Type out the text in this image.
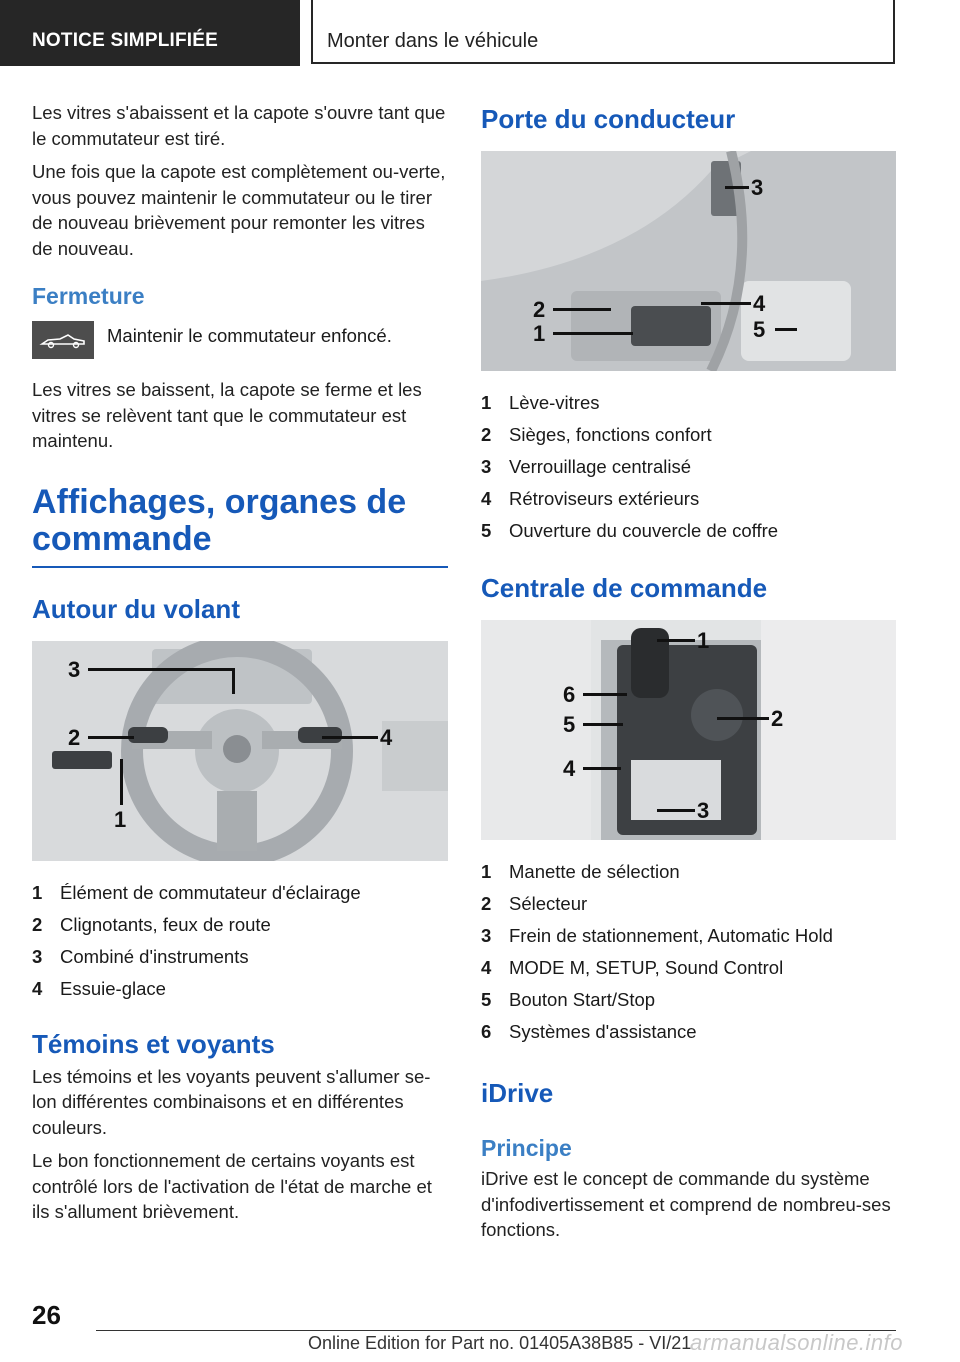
NOTICE SIMPLIFIÉE	Monter dans le véhicule

Les vitres s'abaissent et la capote s'ouvre tant que le commutateur est tiré.

Une fois que la capote est complètement ou-verte, vous pouvez maintenir le commutateur ou le tirer de nouveau brièvement pour remonter les vitres de nouveau.

Fermeture
Maintenir le commutateur enfoncé.

Les vitres se baissent, la capote se ferme et les vitres se relèvent tant que le commutateur est maintenu.

Affichages, organes de commande
Autour du volant
3
2	4
1
1 Élément de commutateur d'éclairage
2 Clignotants, feux de route
3 Combiné d'instruments
4 Essuie-glace
Témoins et voyants

Les témoins et les voyants peuvent s'allumer se-lon différentes combinaisons et en différentes couleurs.

Le bon fonctionnement de certains voyants est contrôlé lors de l'activation de l'état de marche et ils s'allument brièvement.

Porte du conducteur
3
2
1
4
5
1 Lève-vitres
2 Sièges, fonctions confort
3 Verrouillage centralisé
4 Rétroviseurs extérieurs
5 Ouverture du couvercle de coffre
Centrale de commande
1
2
6
5
4
3
1 Manette de sélection
2 Sélecteur
3 Frein de stationnement, Automatic Hold
4 MODE M, SETUP, Sound Control
5 Bouton Start/Stop
6 Systèmes d'assistance
iDrive
Principe

iDrive est le concept de commande du système d'infodivertissement et comprend de nombreu-ses fonctions.

26
Online Edition for Part no. 01405A38B85 - VI/21
armanualsonline.info
